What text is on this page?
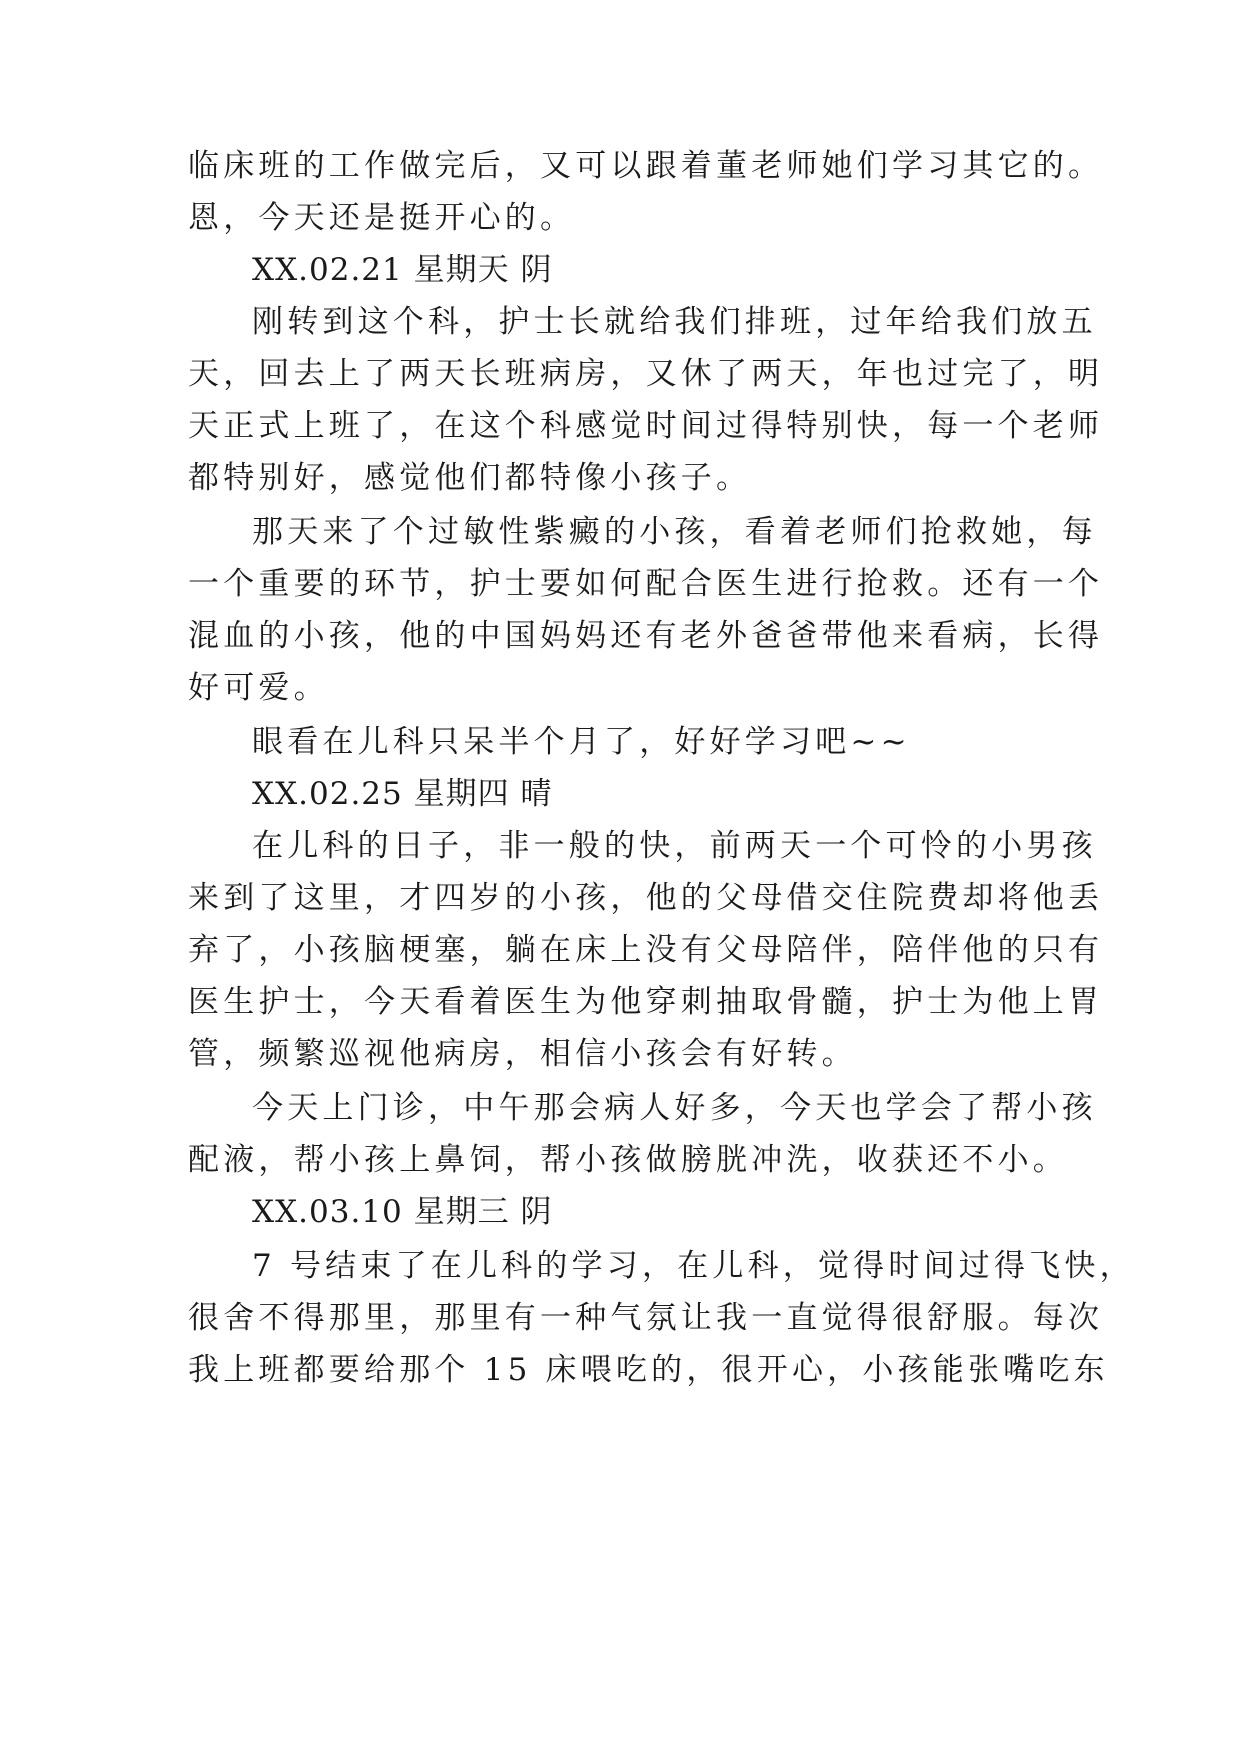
临床班的工作做完后，又可以跟着董老师她们学习其它的。
恩，今天还是挺开心的。
XX.02.21 星期天 阴
刚转到这个科，护士长就给我们排班，过年给我们放五
天，回去上了两天长班病房，又休了两天，年也过完了，明
天正式上班了，在这个科感觉时间过得特别快，每一个老师
都特别好，感觉他们都特像小孩子。
那天来了个过敏性紫癜的小孩，看着老师们抢救她，每
一个重要的环节，护士要如何配合医生进行抢救。还有一个
混血的小孩，他的中国妈妈还有老外爸爸带他来看病，长得
好可爱。
眼看在儿科只呆半个月了，好好学习吧~~
XX.02.25 星期四 晴
在儿科的日子，非一般的快，前两天一个可怜的小男孩
来到了这里，才四岁的小孩，他的父母借交住院费却将他丢
弃了，小孩脑梗塞，躺在床上没有父母陪伴，陪伴他的只有
医生护士，今天看着医生为他穿刺抽取骨髓，护士为他上胃
管，频繁巡视他病房，相信小孩会有好转。
今天上门诊，中午那会病人好多，今天也学会了帮小孩
配液，帮小孩上鼻饲，帮小孩做膀胱冲洗，收获还不小。
XX.03.10 星期三 阴
7 号结束了在儿科的学习，在儿科，觉得时间过得飞快，
很舍不得那里，那里有一种气氛让我一直觉得很舒服。每次
我上班都要给那个 15 床喂吃的，很开心，小孩能张嘴吃东
